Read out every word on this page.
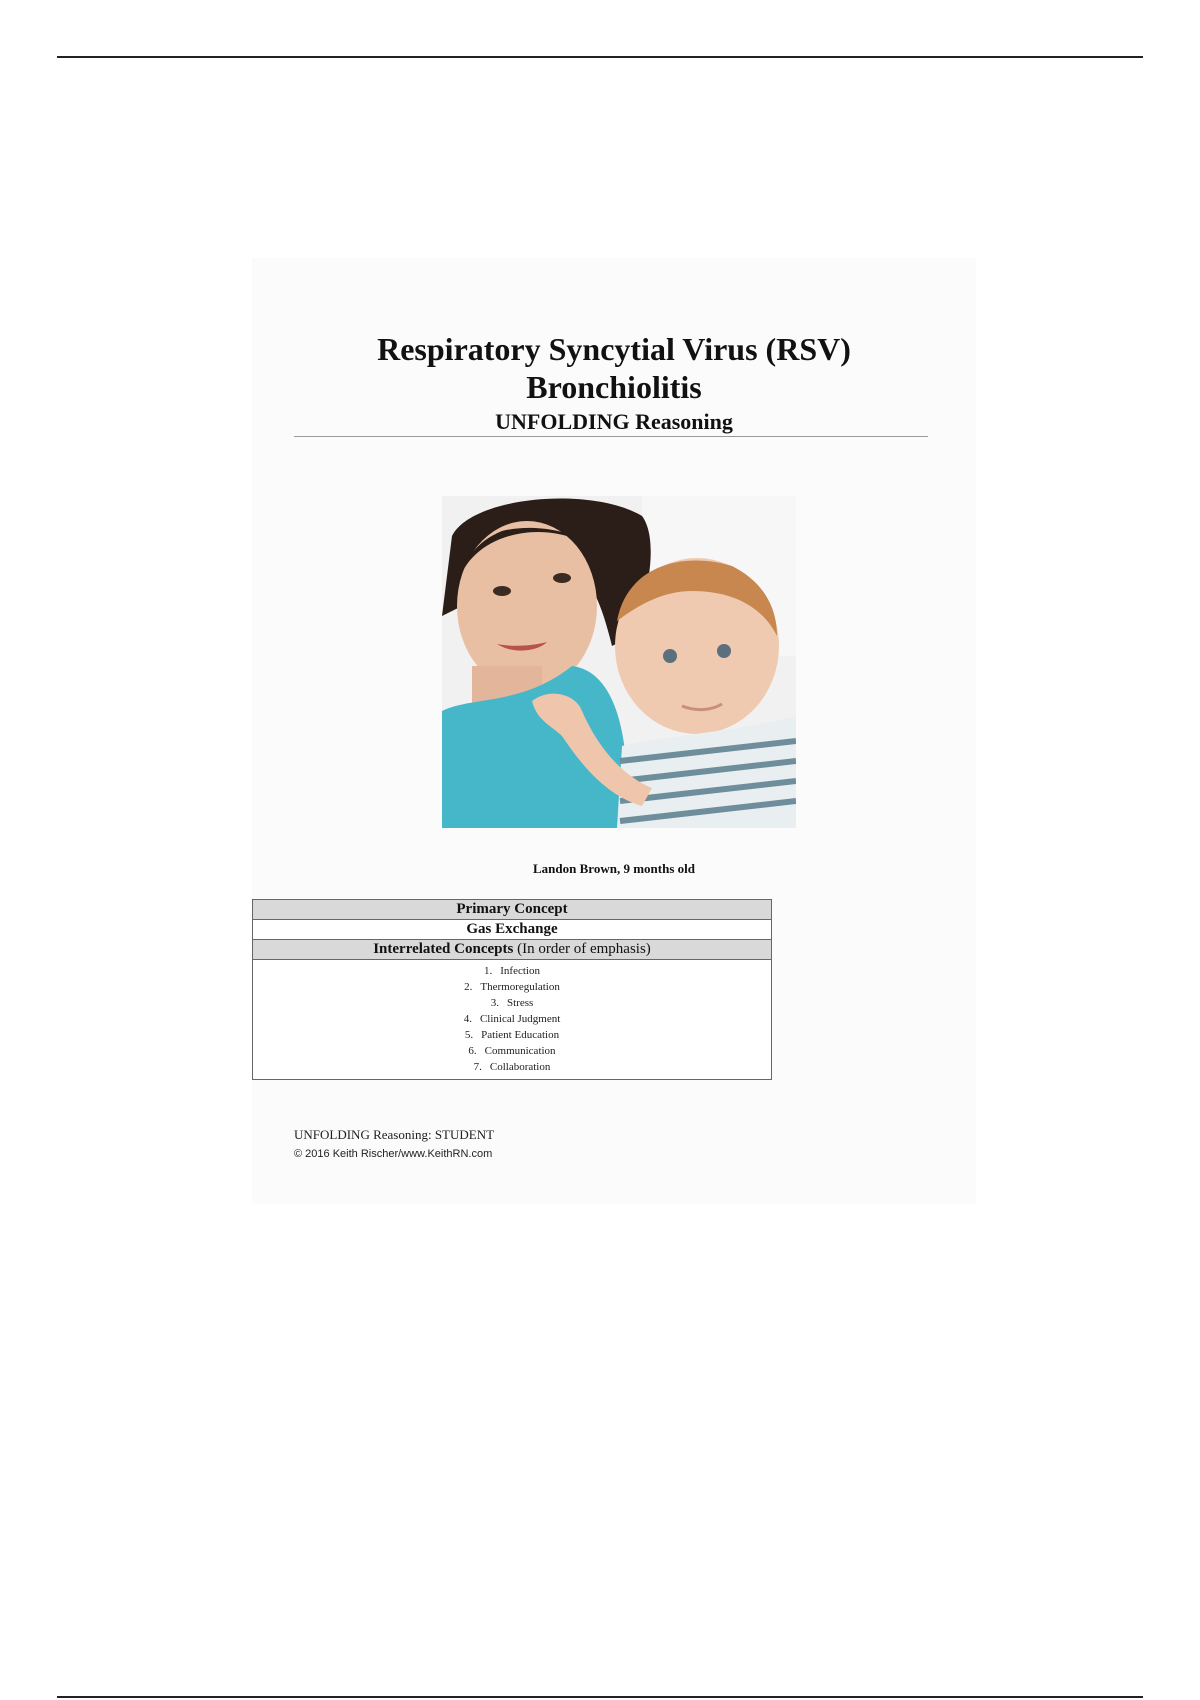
Respiratory Syncytial Virus (RSV)
Bronchiolitis
UNFOLDING Reasoning
Landon Brown, 9 months old
Primary Concept
Gas Exchange
Interrelated Concepts (In order of emphasis)
1. Infection
2. Thermoregulation
3. Stress
4. Clinical Judgment
5. Patient Education
6. Communication
7. Collaboration
UNFOLDING Reasoning: STUDENT
© 2016 Keith Rischer/www.KeithRN.com
